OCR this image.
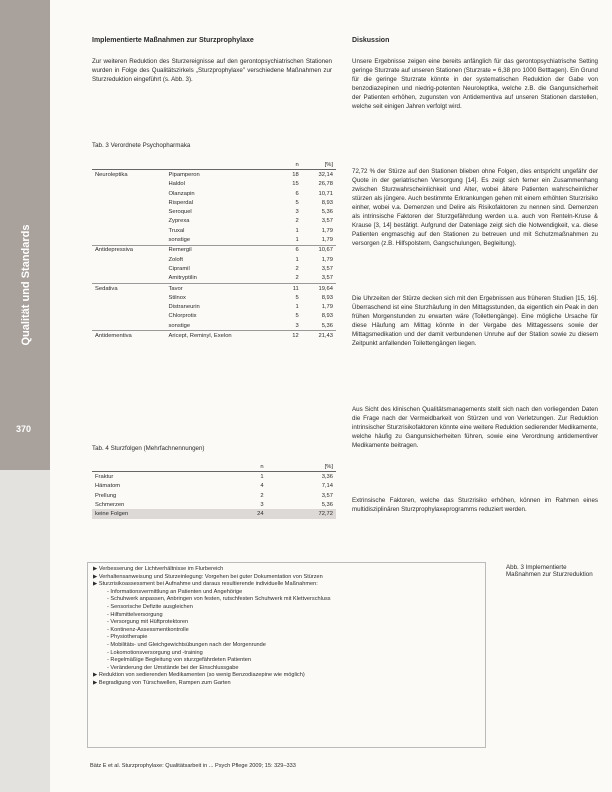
Qualität und Standards
370
Implementierte Maßnahmen zur Sturzprophylaxe
Zur weiteren Reduktion des Sturzereignisse auf den gerontopsychiatrischen Stationen wurden in Folge des Qualitätszirkels „Sturzprophylaxe" verschiedene Maßnahmen zur Sturzreduktion eingeführt (s. Abb. 3).
Tab. 3 Verordnete Psychopharmaka
		n	[%]
Neuroleptika	Pipamperon	18	32,14
	Haldol	15	26,78
	Olanzapin	6	10,71
	Risperdal	5	8,93
	Seroquel	3	5,36
	Zyprexa	2	3,57
	Truxal	1	1,79
	sonstige	1	1,79
Antidepressiva	Remergil	6	10,67
	Zoloft	1	1,79
	Cipramil	2	3,57
	Amitryptilin	2	3,57
Sedativa	Tavor	11	19,64
	Stilnox	5	8,93
	Distraneurin	1	1,79
	Chlorprotix	5	8,93
	sonstige	3	5,36
Antidementiva	Aricept, Reminyl, Exelon	12	21,43
Tab. 4 Sturzfolgen (Mehrfachnennungen)
	n	[%]
Fraktur	1	3,36
Hämatom	4	7,14
Prellung	2	3,57
Schmerzen	3	5,36
keine Folgen	24	72,72
Diskussion
Unsere Ergebnisse zeigen eine bereits anfänglich für das gerontopsychiatrische Setting geringe Sturzrate auf unseren Stationen (Sturzrate = 6,38 pro 1000 Betttagen). Ein Grund für die geringe Sturzrate könnte in der systematischen Reduktion der Gabe von benzodiazepinen und niedrig-potenten Neuroleptika, welche z.B. die Gangunsicherheit der Patienten erhöhen, zugunsten von Antidementiva auf unseren Stationen darstellen, welche seit einigen Jahren verfolgt wird.
72,72 % der Stürze auf den Stationen blieben ohne Folgen, dies entspricht ungefähr der Quote in der geriatrischen Versorgung [14]. Es zeigt sich ferner ein Zusammenhang zwischen Sturzwahrscheinlichkeit und Alter, wobei ältere Patienten wahrscheinlicher stürzen als jüngere. Auch bestimmte Erkrankungen gehen mit einem erhöhten Sturzrisiko einher, wobei v.a. Demenzen und Delire als Risikofaktoren zu nennen sind. Demenzen als intrinsische Faktoren der Sturzgefährdung werden u.a. auch von Renteln-Kruse & Krause [3, 14] bestätigt. Aufgrund der Datenlage zeigt sich die Notwendigkeit, v.a. diese Patienten engmaschig auf den Stationen zu betreuen und mit Schutzmaßnahmen zu versorgen (z.B. Hilfspolstern, Gangschulungen, Begleitung).
Die Uhrzeiten der Stürze decken sich mit den Ergebnissen aus früheren Studien [15, 16]. Überraschend ist eine Sturzhäufung in den Mittagsstunden, da eigentlich ein Peak in den frühen Morgenstunden zu erwarten wäre (Toilettengänge). Eine mögliche Ursache für diese Häufung am Mittag könnte in der Vergabe des Mittagessens sowie der Mittagsmedikation und der damit verbundenen Unruhe auf der Station sowie zu diesem Zeitpunkt anfallenden Toilettengängen liegen.
Aus Sicht des klinischen Qualitätsmanagements stellt sich nach den vorliegenden Daten die Frage nach der Vermeidbarkeit von Stürzen und von Verletzungen. Zur Reduktion intrinsischer Sturzrisikofaktoren könnte eine weitere Reduktion sedierender Medikamente, welche häufig zu Gangunsicherheiten führen, sowie eine Verordnung antidementiver Medikamente beitragen.
Extrinsische Faktoren, welche das Sturzrisiko erhöhen, können im Rahmen eines multidisziplinären Sturzprophylaxeprogramms reduziert werden.
Abb. 3 Implementierte Maßnahmen zur Sturzreduktion
▶ Verbesserung der Lichtverhältnisse im Flurbereich
▶ Verhaltensanweisung und Sturzeinlegung: Vorgehen bei guter Dokumentation von Stürzen
▶ Sturzrisikoassessment bei Aufnahme und daraus resultierende individuelle Maßnahmen:
- Informationsvermittlung an Patienten und Angehörige
- Schuhwerk anpassen, Anbringen von festen, rutschfesten Schuhwerk mit Klettverschluss
- Sensorische Defizite ausgleichen
- Hilfsmittelversorgung
- Versorgung mit Hüftprotektoren
- Kontinenz-Assessmentkontrolle
- Physiotherapie
- Mobilitäts- und Gleichgewichtsübungen nach der Morgenrunde
- Lokomotionsversorgung und -training
- Regelmäßige Begleitung von sturzgefährdeten Patienten
- Veränderung der Umstände bei der Einschlussgabe
▶ Reduktion von sedierenden Medikamenten (so wenig Benzodiazepine wie möglich)
▶ Begradigung von Türschwellen, Rampen zum Garten
Bätz E et al. Sturzprophylaxe: Qualitätsarbeit in ... Psych Pflege 2009; 15: 329–333
